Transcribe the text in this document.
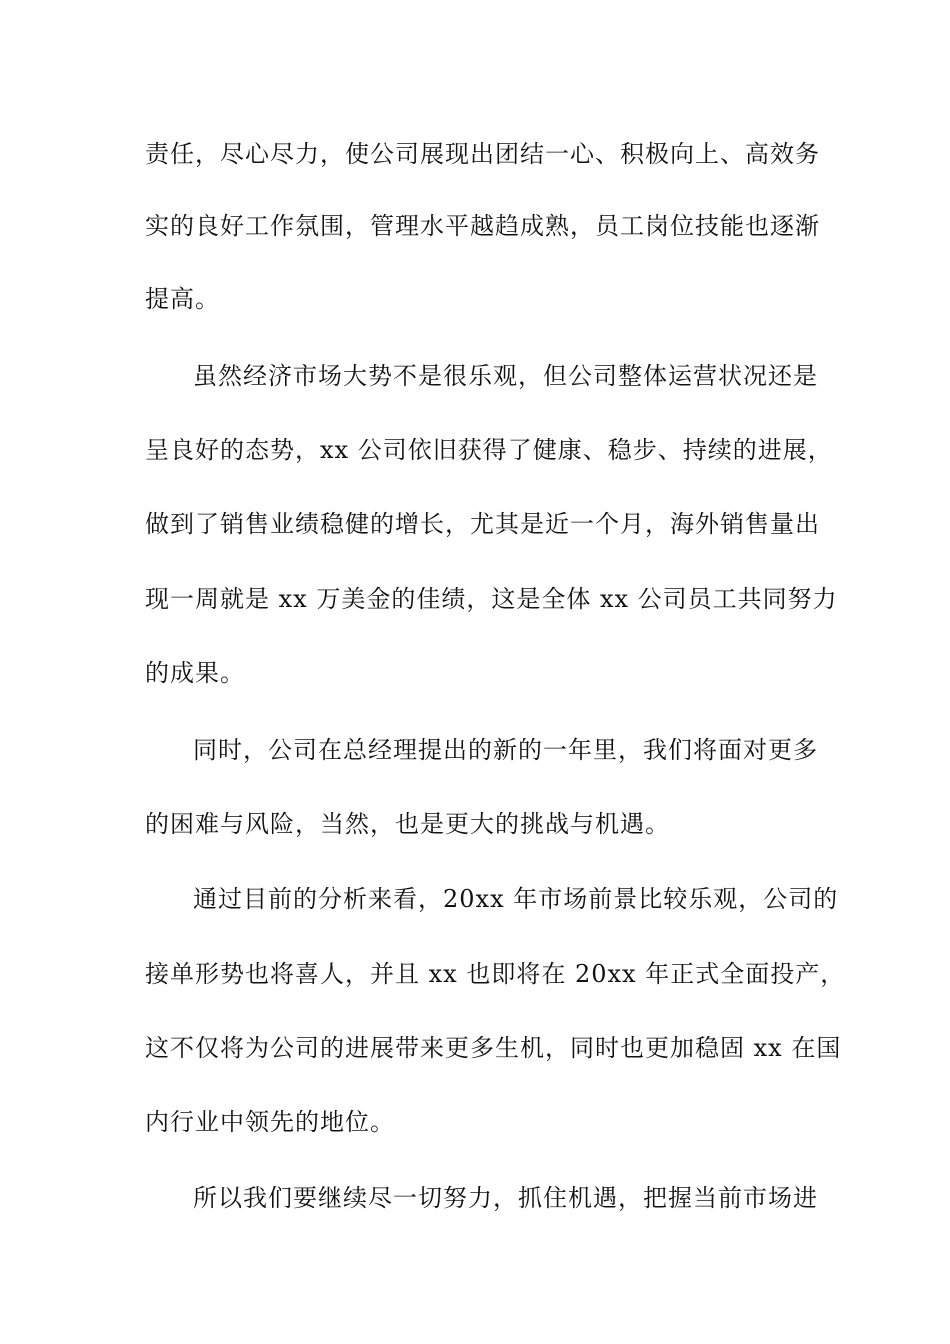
责任，尽心尽力，使公司展现出团结一心、积极向上、高效务
实的良好工作氛围，管理水平越趋成熟，员工岗位技能也逐渐
提高。
虽然经济市场大势不是很乐观，但公司整体运营状况还是
呈良好的态势，xx 公司依旧获得了健康、稳步、持续的进展，
做到了销售业绩稳健的增长，尤其是近一个月，海外销售量出
现一周就是 xx 万美金的佳绩，这是全体 xx 公司员工共同努力
的成果。
同时，公司在总经理提出的新的一年里，我们将面对更多
的困难与风险，当然，也是更大的挑战与机遇。
通过目前的分析来看，20xx 年市场前景比较乐观，公司的
接单形势也将喜人，并且 xx 也即将在 20xx 年正式全面投产，
这不仅将为公司的进展带来更多生机，同时也更加稳固 xx 在国
内行业中领先的地位。
所以我们要继续尽一切努力，抓住机遇，把握当前市场进
